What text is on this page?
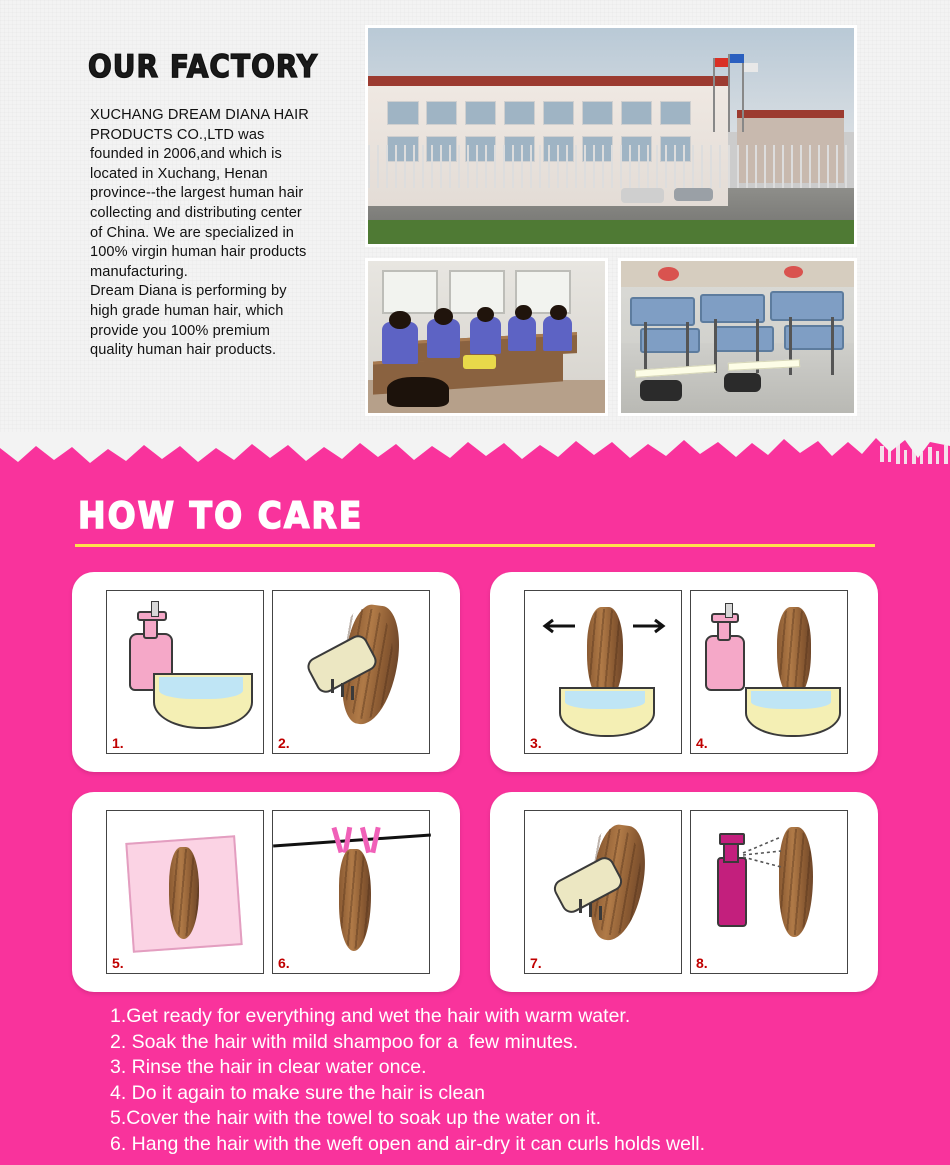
OUR FACTORY

XUCHANG DREAM DIANA HAIR PRODUCTS CO.,LTD was founded in 2006,and which is located in Xuchang, Henan province--the largest human hair collecting and distributing center of China. We are specialized in 100% virgin human hair products manufacturing.

Dream Diana is performing by high grade human hair, which provide you 100% premium quality human hair products.

HOW TO CARE
1.	2.	3.	4.
5.	6.	7.	8.
1.Get ready for everything and wet the hair with warm water.
2. Soak the hair with mild shampoo for a  few minutes.
3. Rinse the hair in clear water once.
4. Do it again to make sure the hair is clean
5.Cover the hair with the towel to soak up the water on it.
6. Hang the hair with the weft open and air-dry it can curls holds well.
